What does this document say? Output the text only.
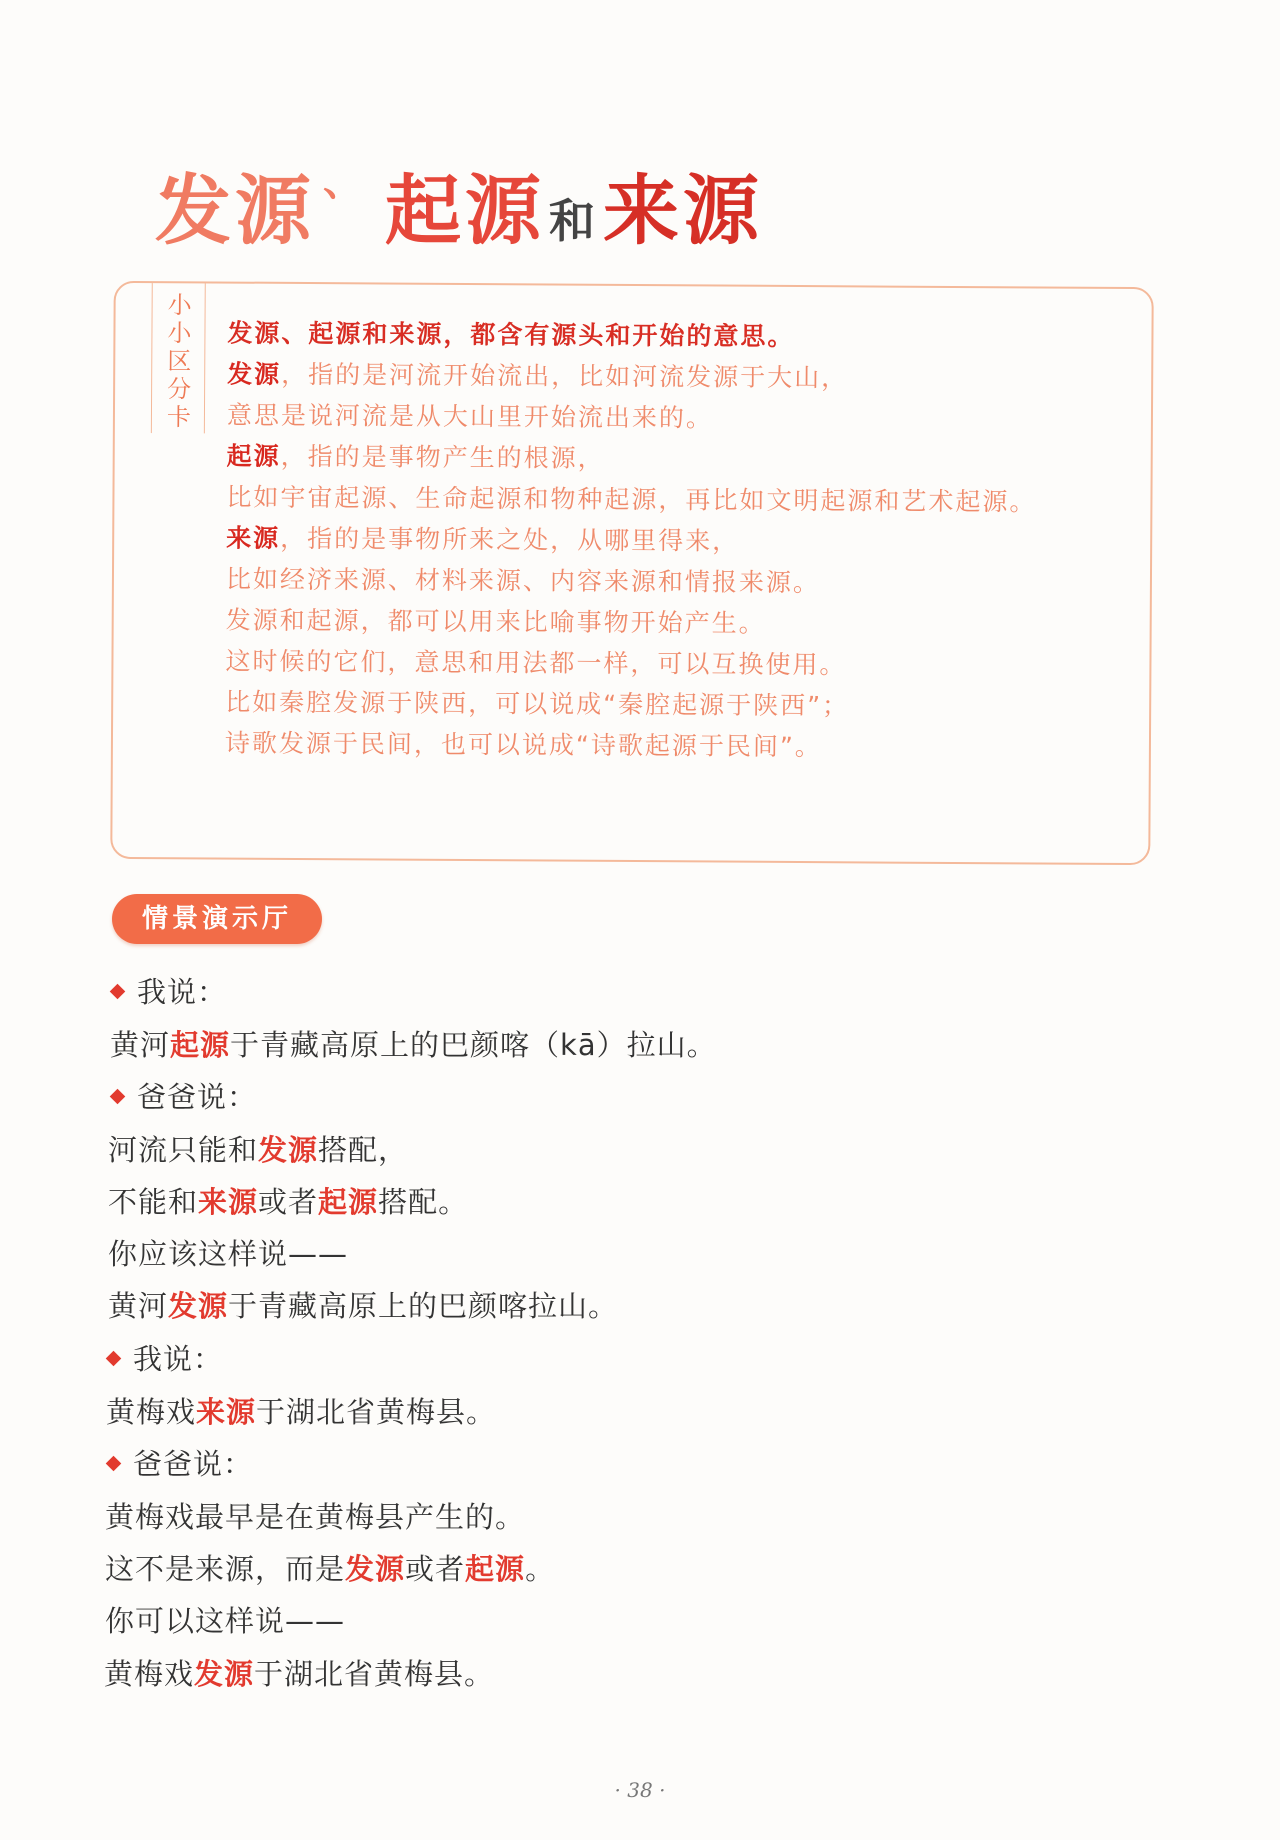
发源 、 起源和来源
小小区分卡
发源、起源和来源，都含有源头和开始的意思。
发源，指的是河流开始流出，比如河流发源于大山，
意思是说河流是从大山里开始流出来的。
起源，指的是事物产生的根源，
比如宇宙起源、生命起源和物种起源，再比如文明起源和艺术起源。
来源，指的是事物所来之处，从哪里得来，
比如经济来源、材料来源、内容来源和情报来源。
发源和起源，都可以用来比喻事物开始产生。
这时候的它们，意思和用法都一样，可以互换使用。
比如秦腔发源于陕西，可以说成“秦腔起源于陕西”；
诗歌发源于民间，也可以说成“诗歌起源于民间”。
情景演示厅
我说：
黄河起源于青藏高原上的巴颜喀（kā）拉山。
爸爸说：
河流只能和发源搭配，
不能和来源或者起源搭配。
你应该这样说——
黄河发源于青藏高原上的巴颜喀拉山。
我说：
黄梅戏来源于湖北省黄梅县。
爸爸说：
黄梅戏最早是在黄梅县产生的。
这不是来源，而是发源或者起源。
你可以这样说——
黄梅戏发源于湖北省黄梅县。
· 38 ·
